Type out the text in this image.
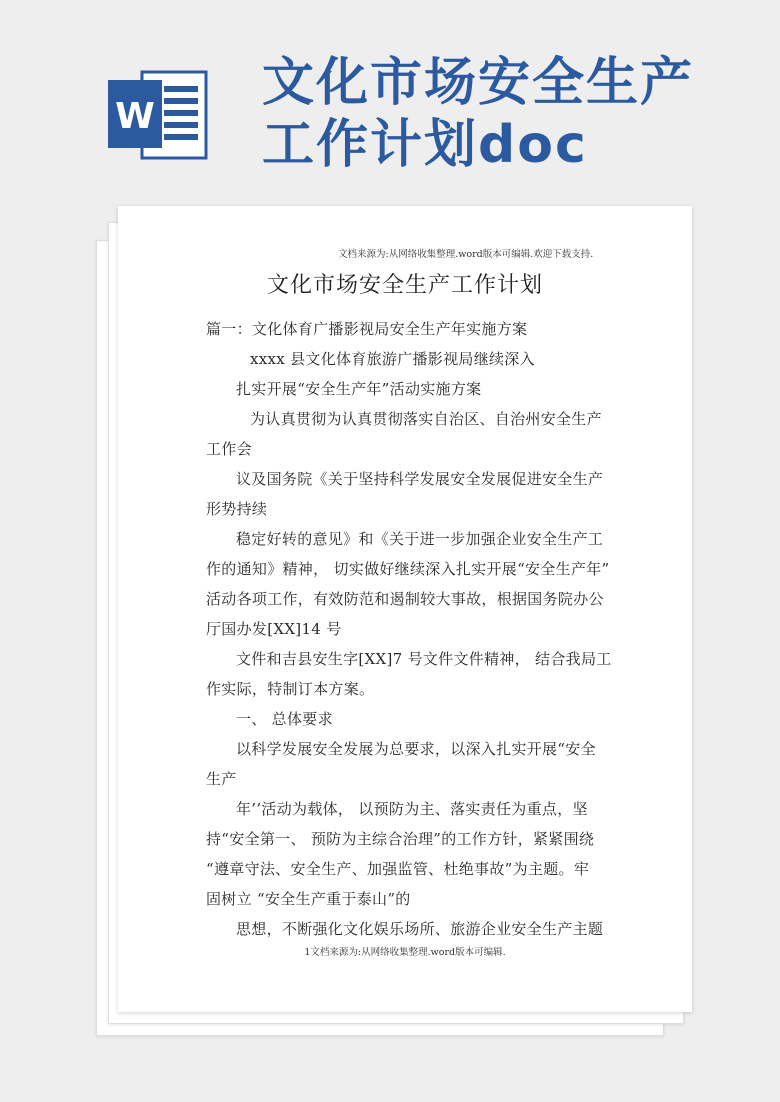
W
文化市场安全生产
工作计划doc
文档来源为:从网络收集整理.word版本可编辑.欢迎下载支持.
文化市场安全生产工作计划
篇一：文化体育广播影视局安全生产年实施方案
xxxx 县文化体育旅游广播影视局继续深入
扎实开展“安全生产年”活动实施方案
为认真贯彻为认真贯彻落实自治区、自治州安全生产
工作会
议及国务院《关于坚持科学发展安全发展促进安全生产
形势持续
稳定好转的意见》和《关于进一步加强企业安全生产工
作的通知》精神， 切实做好继续深入扎实开展“安全生产年”
活动各项工作，有效防范和遏制较大事故，根据国务院办公
厅国办发[XX]14 号
文件和吉县安生字[XX]7 号文件文件精神， 结合我局工
作实际，特制订本方案。
一、 总体要求
以科学发展安全发展为总要求，以深入扎实开展“安全
生产
年’’活动为载体， 以预防为主、落实责任为重点，坚
持“安全第一、 预防为主综合治理”的工作方针，紧紧围绕
“遵章守法、安全生产、加强监管、杜绝事故”为主题。牢
固树立 “安全生产重于泰山”的
思想，不断强化文化娱乐场所、旅游企业安全生产主题
1文档来源为:从网络收集整理.word版本可编辑.
